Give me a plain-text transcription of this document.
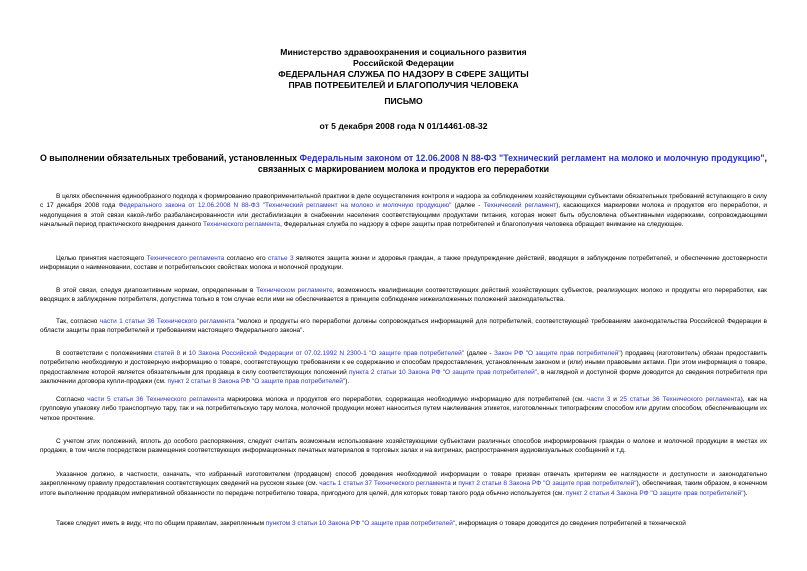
Министерство здравоохранения и социального развития
Российской Федерации
ФЕДЕРАЛЬНАЯ СЛУЖБА ПО НАДЗОРУ В СФЕРЕ ЗАЩИТЫ
ПРАВ ПОТРЕБИТЕЛЕЙ И БЛАГОПОЛУЧИЯ ЧЕЛОВЕКА
ПИСЬМО
от 5 декабря 2008 года N 01/14461-08-32
О выполнении обязательных требований, установленных Федеральным законом от 12.06.2008 N 88-ФЗ "Технический регламент на молоко и молочную продукцию", связанных с маркированием молока и продуктов его переработки
В целях обеспечения единообразного подхода к формированию правоприменительной практики в деле осуществления контроля и надзора за соблюдением хозяйствующими субъектами обязательных требований вступающего в силу с 17 декабря 2008 года Федерального закона от 12.06.2008 N 88-ФЗ "Технический регламент на молоко и молочную продукцию" (далее - Технический регламент), касающихся маркировки молока и продуктов его переработки, и недопущения в этой связи какой-либо разбалансированности или дестабилизации в снабжении населения соответствующими продуктами питания, которая может быть обусловлена объективными издержками, сопровождающими начальный период практического внедрения данного Технического регламента, Федеральная служба по надзору в сфере защиты прав потребителей и благополучия человека обращает внимание на следующее.
Целью принятия настоящего Технического регламента согласно его статье 3 являются защита жизни и здоровья граждан, а также предупреждение действий, вводящих в заблуждение потребителей, и обеспечение достоверности информации о наименовании, составе и потребительских свойствах молока и молочной продукции.
В этой связи, следуя диапозитивным нормам, определенным в Техническом регламенте, возможность квалификации соответствующих действий хозяйствующих субъектов, реализующих молоко и продукты его переработки, как вводящих в заблуждение потребителя, допустима только в том случае если ими не обеспечивается в принципе соблюдение нижеизложенных положений законодательства.
Так, согласно части 1 статьи 36 Технического регламента "молоко и продукты его переработки должны сопровождаться информацией для потребителей, соответствующей требованиям законодательства Российской Федерации в области защиты прав потребителей и требованиям настоящего Федерального закона".
В соответствии с положениями статей 8 и 10 Закона Российской Федерации от 07.02.1992 N 2300-1 "О защите прав потребителей" (далее - Закон РФ "О защите прав потребителей") продавец (изготовитель) обязан предоставить потребителю необходимую и достоверную информацию о товаре, соответствующую требованиям к ее содержанию и способам предоставления, установленным законом и (или) иными правовыми актами. При этом информация о товаре, предоставление которой является обязательным для продавца в силу соответствующих положений пункта 2 статьи 10 Закона РФ "О защите прав потребителей", в наглядной и доступной форме доводится до сведения потребителя при заключении договора купли-продажи (см. пункт 2 статьи 8 Закона РФ "О защите прав потребителей").
Согласно части 5 статьи 36 Технического регламента маркировка молока и продуктов его переработки, содержащая необходимую информацию для потребителей (см. части 3 и 25 статьи 36 Технического регламента), как на групповую упаковку либо транспортную тару, так и на потребительскую тару молока, молочной продукции может наноситься путем наклеивания этикеток, изготовленных типографским способом или другим способом, обеспечивающим их четкое прочтение.
С учетом этих положений, вплоть до особого распоряжения, следует считать возможным использование хозяйствующими субъектами различных способов информирования граждан о молоке и молочной продукции в местах их продажи, в том числе посредством размещения соответствующих информационных печатных материалов в торговых залах и на витринах, распространения аудиовизуальных сообщений и т.д.
Указанное должно, в частности, означать, что избранный изготовителем (продавцом) способ доведения необходимой информации о товаре призван отвечать критериям ее наглядности и доступности и законодательно закрепленному правилу предоставления соответствующих сведений на русском языке (см. часть 1 статьи 37 Технического регламента и пункт 2 статьи 8 Закона РФ "О защите прав потребителей"), обеспечивая, таким образом, в конечном итоге выполнение продавцом императивной обязанности по передаче потребителю товара, пригодного для целей, для которых товар такого рода обычно используется (см. пункт 2 статьи 4 Закона РФ "О защите прав потребителей").
Также следует иметь в виду, что по общим правилам, закрепленным пунктом 3 статьи 10 Закона РФ "О защите прав потребителей", информация о товаре доводится до сведения потребителей в технической
